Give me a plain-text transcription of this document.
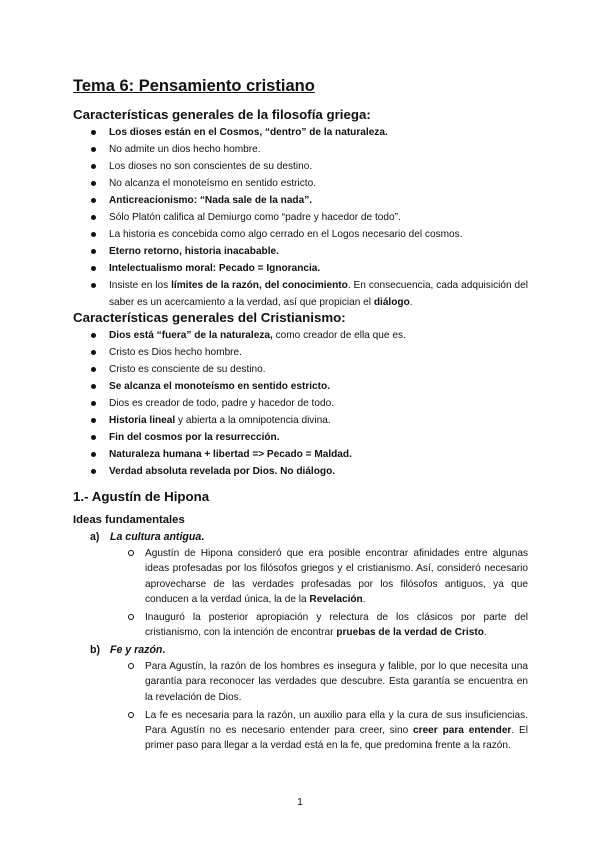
Tema 6: Pensamiento cristiano
Características generales de la filosofía griega:
Los dioses están en el Cosmos, “dentro” de la naturaleza.
No admite un dios hecho hombre.
Los dioses no son conscientes de su destino.
No alcanza el monoteísmo en sentido estricto.
Anticreacionismo: “Nada sale de la nada”.
Sólo Platón califica al Demiurgo como “padre y hacedor de todo”.
La historia es concebida como algo cerrado en el Logos necesario del cosmos.
Eterno retorno, historia inacabable.
Intelectualismo moral: Pecado = Ignorancia.
Insiste en los límites de la razón, del conocimiento. En consecuencia, cada adquisición del saber es un acercamiento a la verdad, así que propician el diálogo.
Características generales del Cristianismo:
Dios está “fuera” de la naturaleza, como creador de ella que es.
Cristo es Dios hecho hombre.
Cristo es consciente de su destino.
Se alcanza el monoteísmo en sentido estricto.
Dios es creador de todo, padre y hacedor de todo.
Historia lineal y abierta a la omnipotencia divina.
Fin del cosmos por la resurrección.
Naturaleza humana + libertad => Pecado = Maldad.
Verdad absoluta revelada por Dios. No diálogo.
1.- Agustín de Hipona
Ideas fundamentales

a) La cultura antigua.

Agustín de Hipona consideró que era posible encontrar afinidades entre algunas ideas profesadas por los filósofos griegos y el cristianismo. Así, consideró necesario aprovecharse de las verdades profesadas por los filósofos antiguos, ya que conducen a la verdad única, la de la Revelación.
Inauguró la posterior apropiación y relectura de los clásicos por parte del cristianismo, con la intención de encontrar pruebas de la verdad de Cristo.

b) Fe y razón.

Para Agustín, la razón de los hombres es insegura y falible, por lo que necesita una garantía para reconocer las verdades que descubre. Esta garantía se encuentra en la revelación de Dios.
La fe es necesaria para la razón, un auxilio para ella y la cura de sus insuficiencias. Para Agustín no es necesario entender para creer, sino creer para entender. El primer paso para llegar a la verdad está en la fe, que predomina frente a la razón.

1
